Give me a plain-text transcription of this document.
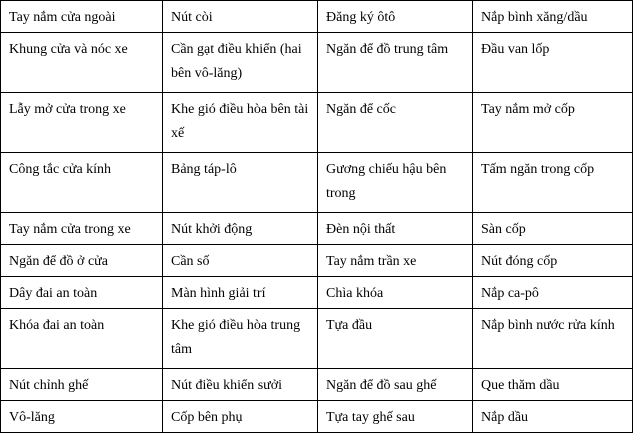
Tay nắm cửa ngoài	Nút còi	Đăng ký ôtô	Nắp bình xăng/dầu
Khung cửa và nóc xe	Cần gạt điều khiển (hai bên vô-lăng)	Ngăn để đồ trung tâm	Đầu van lốp
Lẫy mở cửa trong xe	Khe gió điều hòa bên tài xế	Ngăn để cốc	Tay nắm mở cốp
Công tắc cửa kính	Bảng táp-lô	Gương chiếu hậu bên trong	Tấm ngăn trong cốp
Tay nắm cửa trong xe	Nút khởi động	Đèn nội thất	Sàn cốp
Ngăn để đồ ở cửa	Cần số	Tay nắm trần xe	Nút đóng cốp
Dây đai an toàn	Màn hình giải trí	Chìa khóa	Nắp ca-pô
Khóa đai an toàn	Khe gió điều hòa trung tâm	Tựa đầu	Nắp bình nước rửa kính
Nút chỉnh ghế	Nút điều khiển sưởi	Ngăn để đồ sau ghế	Que thăm dầu
Vô-lăng	Cốp bên phụ	Tựa tay ghế sau	Nắp dầu
